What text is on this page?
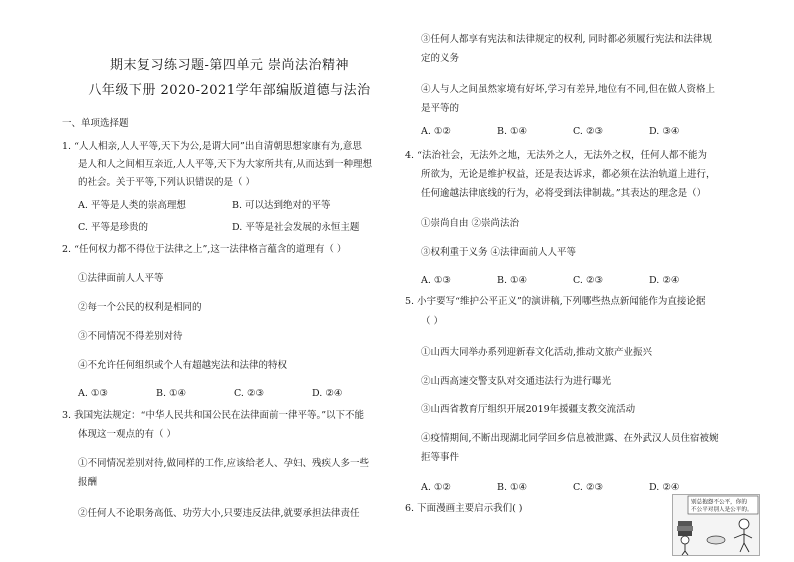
期末复习练习题-第四单元 崇尚法治精神
八年级下册 2020-2021学年部编版道德与法治
一、单项选择题
1. “人人相亲,人人平等,天下为公,是谓大同”出自清朝思想家康有为,意思
是人和人之间相互亲近,人人平等,天下为大家所共有,从而达到一种理想
的社会。关于平等,下列认识错误的是（ ）
A. 平等是人类的崇高理想	B. 可以达到绝对的平等
C. 平等是珍贵的	D. 平等是社会发展的永恒主题
2. “任何权力都不得位于法律之上”,这一法律格言蕴含的道理有（ ）
①法律面前人人平等
②每一个公民的权利是相同的
③不同情况不得差别对待
④不允许任何组织或个人有超越宪法和法律的特权
A. ①③	B. ①④	C. ②③	D. ②④
3. 我国宪法规定：“中华人民共和国公民在法律面前一律平等。”以下不能
体现这一观点的有（ ）
①不同情况差别对待,做同样的工作,应该给老人、孕妇、残疾人多一些
报酬
②任何人不论职务高低、功劳大小,只要违反法律,就要承担法律责任
③任何人都享有宪法和法律规定的权利, 同时都必须履行宪法和法律规
定的义务
④人与人之间虽然家境有好坏,学习有差异,地位有不同,但在做人资格上
是平等的
A. ①②	B. ①④	C. ②③	D. ③④
4. “法治社会，无法外之地，无法外之人，无法外之权，任何人都不能为
所欲为，无论是维护权益，还是表达诉求，都必须在法治轨道上进行，
任何逾越法律底线的行为，必将受到法律制裁。”其表达的理念是（）
①崇尚自由 ②崇尚法治
③权利重于义务 ④法律面前人人平等
A. ①③	B. ①④	C. ②③	D. ②④
5. 小宇要写“维护公平正义”的演讲稿,下列哪些热点新闻能作为直接论据
（ ）
①山西大同举办系列迎新春文化活动,推动文旅产业振兴
②山西高速交警支队对交通违法行为进行曝光
③山西省教育厅组织开展2019年援疆支教交流活动
④疫情期间,不断出现湖北同学回乡信息被泄露、在外武汉人员住宿被婉
拒等事件
A. ①②	B. ①④	C. ②③	D. ②④
6. 下面漫画主要启示我们( )
别总抱怨不公平，你的
不公平对别人是公平的。
